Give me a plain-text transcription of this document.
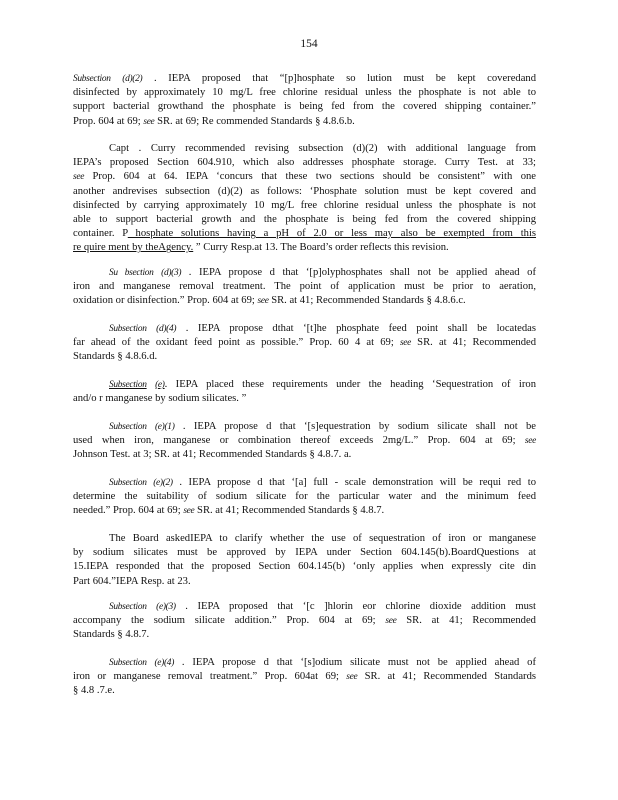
154
Subsection (d)(2) . IEPA proposed that “[p]hosphate so lution must be kept coveredand
disinfected by approximately 10 mg/L free chlorine residual unless the phosphate is not able to
support bacterial growthand the phosphate is being fed from the covered shipping container.”
Prop. 604 at 69; see SR. at 69; Re commended Standards § 4.8.6.b.
Capt . Curry recommended revising subsection (d)(2) with additional language from
IEPA’s proposed Section 604.910, which also addresses phosphate storage. Curry Test. at 33;
see Prop. 604 at 64. IEPA ‘concurs that these two sections should be consistent” with one
another andrevises subsection (d)(2) as follows: ‘Phosphate solution must be kept covered and
disinfected by carrying approximately 10 mg/L free chlorine residual unless the phosphate is not
able to support bacterial growth and the phosphate is being fed from the covered shipping
container. P hosphate solutions having a pH of 2.0 or less may also be exempted from this
re quire ment by theAgency. ” Curry Resp.at 13. The Board’s order reflects this revision.
Su bsection (d)(3) . IEPA propose d that ‘[p]olyphosphates shall not be applied ahead of
iron and manganese removal treatment. The point of application must be prior to aeration,
oxidation or disinfection.” Prop. 604 at 69; see SR. at 41; Recommended Standards § 4.8.6.c.
Subsection (d)(4) . IEPA propose dthat ‘[t]he phosphate feed point shall be locatedas
far ahead of the oxidant feed point as possible.” Prop. 60 4 at 69; see SR. at 41; Recommended
Standards § 4.8.6.d.
Subsection (e). IEPA placed these requirements under the heading ‘Sequestration of iron
and/o r manganese by sodium silicates. ”
Subsection (e)(1) . IEPA propose d that ‘[s]equestration by sodium silicate shall not be
used when iron, manganese or combination thereof exceeds 2mg/L.” Prop. 604 at 69; see
Johnson Test. at 3; SR. at 41; Recommended Standards § 4.8.7. a.
Subsection (e)(2) . IEPA propose d that ‘[a] full - scale demonstration will be requi red to
determine the suitability of sodium silicate for the particular water and the minimum feed
needed.” Prop. 604 at 69; see SR. at 41; Recommended Standards § 4.8.7.
The Board askedIEPA to clarify whether the use of sequestration of iron or manganese
by sodium silicates must be approved by IEPA under Section 604.145(b).BoardQuestions at
15.IEPA responded that the proposed Section 604.145(b) ‘only applies when expressly cite din
Part 604.”IEPA Resp. at 23.
Subsection (e)(3) . IEPA proposed that ‘[c ]hlorin eor chlorine dioxide addition must
accompany the sodium silicate addition.” Prop. 604 at 69; see SR. at 41; Recommended
Standards § 4.8.7.
Subsection (e)(4) . IEPA propose d that ‘[s]odium silicate must not be applied ahead of
iron or manganese removal treatment.” Prop. 604at 69; see SR. at 41; Recommended Standards
§ 4.8 .7.e.
